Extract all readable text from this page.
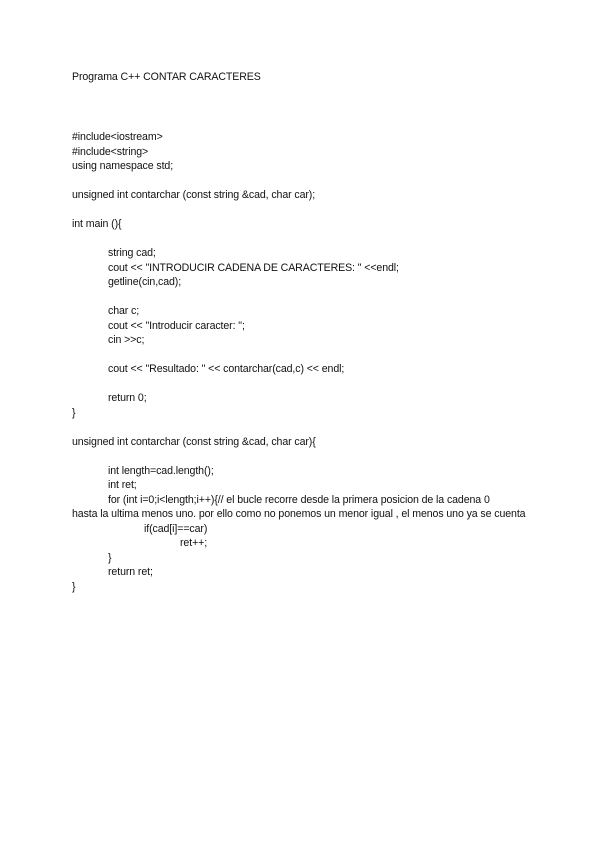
Programa C++ CONTAR CARACTERES
#include<iostream>
#include<string>
using namespace std;
unsigned int contarchar (const string &cad, char car);
int main (){
string cad;
cout << "INTRODUCIR CADENA DE CARACTERES: " <<endl;
getline(cin,cad);
char c;
cout << "Introducir caracter: ";
cin >>c;
cout << "Resultado: " << contarchar(cad,c) << endl;
return 0;
}
unsigned int contarchar (const string &cad, char car){
int length=cad.length();
int ret;
for (int i=0;i<length;i++){// el bucle recorre desde la primera posicion de la cadena 0
hasta la ultima menos uno. por ello como no ponemos un menor igual , el menos uno ya se cuenta
if(cad[i]==car)
ret++;
}
return ret;
}
